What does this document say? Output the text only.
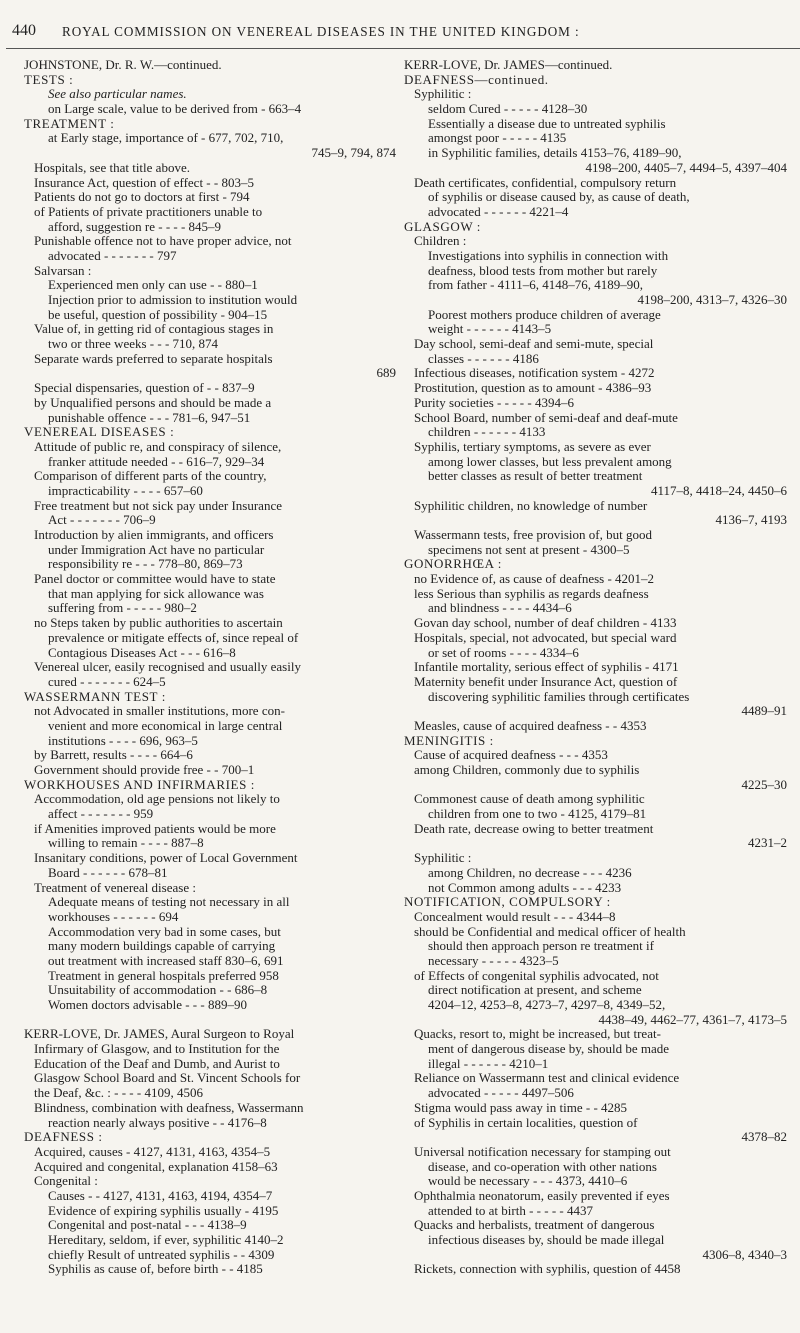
440 ROYAL COMMISSION ON VENEREAL DISEASES IN THE UNITED KINGDOM :
JOHNSTONE, Dr. R. W.—continued.
TESTS :
See also particular names.
on Large scale, value to be derived from - 663–4
TREATMENT :
at Early stage, importance of - 677, 702, 710,
745–9, 794, 874
Hospitals, see that title above.
Insurance Act, question of effect - - 803–5
Patients do not go to doctors at first - 794
of Patients of private practitioners unable to
afford, suggestion re - - - - 845–9
Punishable offence not to have proper advice, not
advocated - - - - - - - 797
Salvarsan :
Experienced men only can use - - 880–1
Injection prior to admission to institution would
be useful, question of possibility - 904–15
Value of, in getting rid of contagious stages in
two or three weeks - - - 710, 874
Separate wards preferred to separate hospitals
689
Special dispensaries, question of - - 837–9
by Unqualified persons and should be made a
punishable offence - - - 781–6, 947–51
VENEREAL DISEASES :
Attitude of public re, and conspiracy of silence,
franker attitude needed - - 616–7, 929–34
Comparison of different parts of the country,
impracticability - - - - 657–60
Free treatment but not sick pay under Insurance
Act - - - - - - - 706–9
Introduction by alien immigrants, and officers
under Immigration Act have no particular
responsibility re - - - 778–80, 869–73
Panel doctor or committee would have to state
that man applying for sick allowance was
suffering from - - - - - 980–2
no Steps taken by public authorities to ascertain
prevalence or mitigate effects of, since repeal of
Contagious Diseases Act - - - 616–8
Venereal ulcer, easily recognised and usually easily
cured - - - - - - - 624–5
WASSERMANN TEST :
not Advocated in smaller institutions, more con-
venient and more economical in large central
institutions - - - - 696, 963–5
by Barrett, results - - - - 664–6
Government should provide free - - 700–1
WORKHOUSES AND INFIRMARIES :
Accommodation, old age pensions not likely to
affect - - - - - - - 959
if Amenities improved patients would be more
willing to remain - - - - 887–8
Insanitary conditions, power of Local Government
Board - - - - - - 678–81
Treatment of venereal disease :
Adequate means of testing not necessary in all
workhouses - - - - - - 694
Accommodation very bad in some cases, but
many modern buildings capable of carrying
out treatment with increased staff 830–6, 691
Treatment in general hospitals preferred 958
Unsuitability of accommodation - - 686–8
Women doctors advisable - - - 889–90
KERR-LOVE, Dr. JAMES, Aural Surgeon to Royal
Infirmary of Glasgow, and to Institution for the
Education of the Deaf and Dumb, and Aurist to
Glasgow School Board and St. Vincent Schools for
the Deaf, &c. : - - - - 4109, 4506
Blindness, combination with deafness, Wassermann
reaction nearly always positive - - 4176–8
DEAFNESS :
Acquired, causes - 4127, 4131, 4163, 4354–5
Acquired and congenital, explanation 4158–63
Congenital :
Causes - - 4127, 4131, 4163, 4194, 4354–7
Evidence of expiring syphilis usually - 4195
Congenital and post-natal - - - 4138–9
Hereditary, seldom, if ever, syphilitic 4140–2
chiefly Result of untreated syphilis - - 4309
Syphilis as cause of, before birth - - 4185
KERR-LOVE, Dr. JAMES—continued.
DEAFNESS—continued.
Syphilitic :
seldom Cured - - - - - 4128–30
Essentially a disease due to untreated syphilis
amongst poor - - - - - 4135
in Syphilitic families, details 4153–76, 4189–90,
4198–200, 4405–7, 4494–5, 4397–404
Death certificates, confidential, compulsory return
of syphilis or disease caused by, as cause of death,
advocated - - - - - - 4221–4
GLASGOW :
Children :
Investigations into syphilis in connection with
deafness, blood tests from mother but rarely
from father - 4111–6, 4148–76, 4189–90,
4198–200, 4313–7, 4326–30
Poorest mothers produce children of average
weight - - - - - - 4143–5
Day school, semi-deaf and semi-mute, special
classes - - - - - - 4186
Infectious diseases, notification system - 4272
Prostitution, question as to amount - 4386–93
Purity societies - - - - - 4394–6
School Board, number of semi-deaf and deaf-mute
children - - - - - - 4133
Syphilis, tertiary symptoms, as severe as ever
among lower classes, but less prevalent among
better classes as result of better treatment
4117–8, 4418–24, 4450–6
Syphilitic children, no knowledge of number
4136–7, 4193
Wassermann tests, free provision of, but good
specimens not sent at present - 4300–5
GONORRHŒA :
no Evidence of, as cause of deafness - 4201–2
less Serious than syphilis as regards deafness
and blindness - - - - 4434–6
Govan day school, number of deaf children - 4133
Hospitals, special, not advocated, but special ward
or set of rooms - - - - 4334–6
Infantile mortality, serious effect of syphilis - 4171
Maternity benefit under Insurance Act, question of
discovering syphilitic families through certificates
4489–91
Measles, cause of acquired deafness - - 4353
MENINGITIS :
Cause of acquired deafness - - - 4353
among Children, commonly due to syphilis
4225–30
Commonest cause of death among syphilitic
children from one to two - 4125, 4179–81
Death rate, decrease owing to better treatment
4231–2
Syphilitic :
among Children, no decrease - - - 4236
not Common among adults - - - 4233
NOTIFICATION, COMPULSORY :
Concealment would result - - - 4344–8
should be Confidential and medical officer of health
should then approach person re treatment if
necessary - - - - - 4323–5
of Effects of congenital syphilis advocated, not
direct notification at present, and scheme
4204–12, 4253–8, 4273–7, 4297–8, 4349–52,
4438–49, 4462–77, 4361–7, 4173–5
Quacks, resort to, might be increased, but treat-
ment of dangerous disease by, should be made
illegal - - - - - - 4210–1
Reliance on Wassermann test and clinical evidence
advocated - - - - - 4497–506
Stigma would pass away in time - - 4285
of Syphilis in certain localities, question of
4378–82
Universal notification necessary for stamping out
disease, and co-operation with other nations
would be necessary - - - 4373, 4410–6
Ophthalmia neonatorum, easily prevented if eyes
attended to at birth - - - - - 4437
Quacks and herbalists, treatment of dangerous
infectious diseases by, should be made illegal
4306–8, 4340–3
Rickets, connection with syphilis, question of 4458
